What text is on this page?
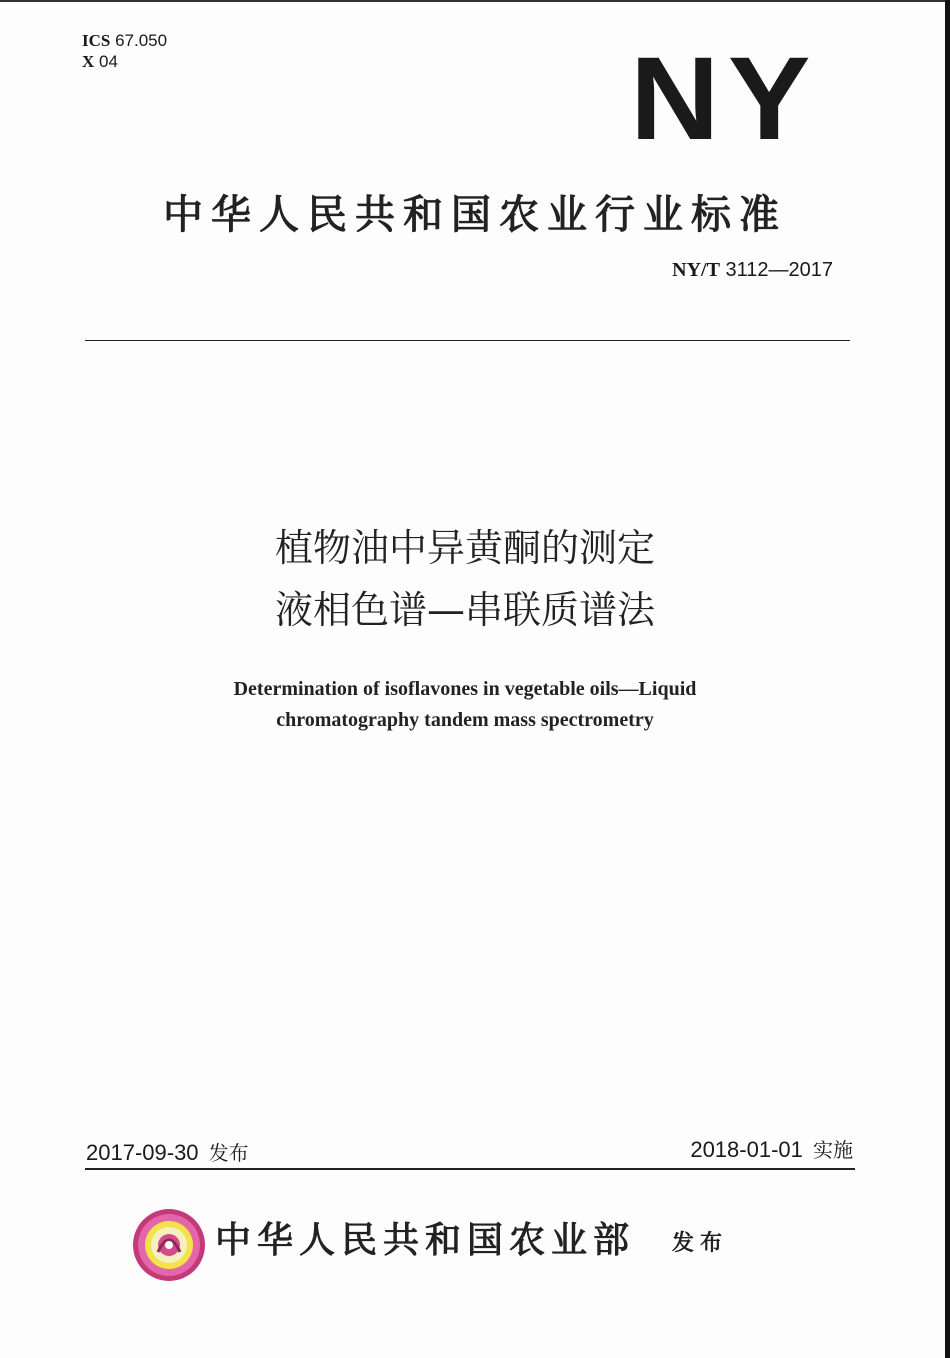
ICS 67.050
X 04	NY
中华人民共和国农业行业标准
NY/T 3112—2017
植物油中异黄酮的测定
液相色谱—串联质谱法
Determination of isoflavones in vegetable oils—Liquid
chromatography tandem mass spectrometry
2017-09-30 发布	2018-01-01 实施
中华人民共和国农业部 发布
